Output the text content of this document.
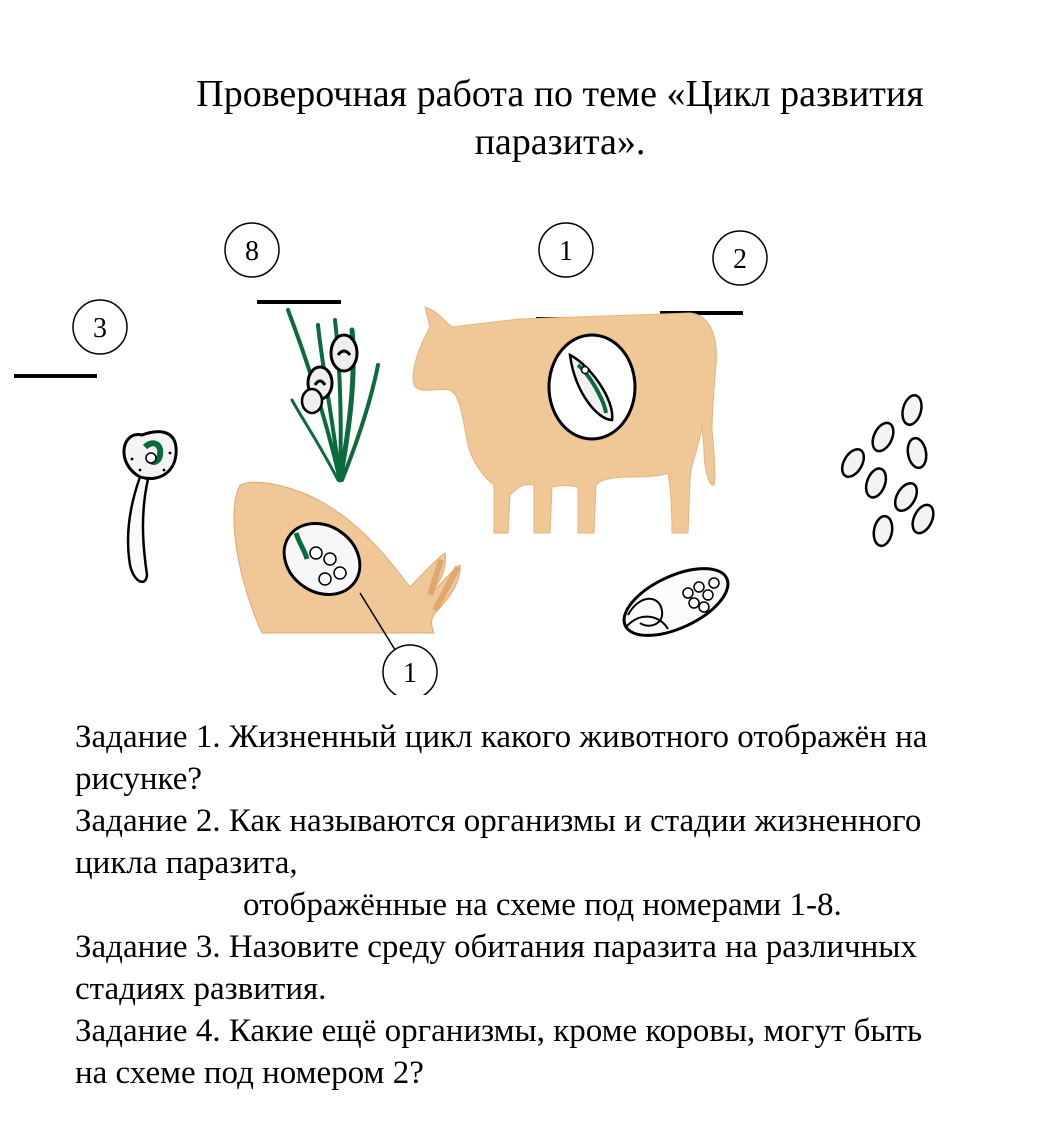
Проверочная работа по теме «Цикл развития
паразита».
3
8	1	2
1

Задание 1. Жизненный цикл какого животного отображён на

рисунке?

Задание 2. Как называются организмы и стадии жизненного

цикла паразита,

отображённые на схеме под номерами 1-8.

Задание 3. Назовите среду обитания паразита на различных

стадиях развития.

Задание 4. Какие ещё организмы, кроме коровы, могут быть

на схеме под номером 2?
